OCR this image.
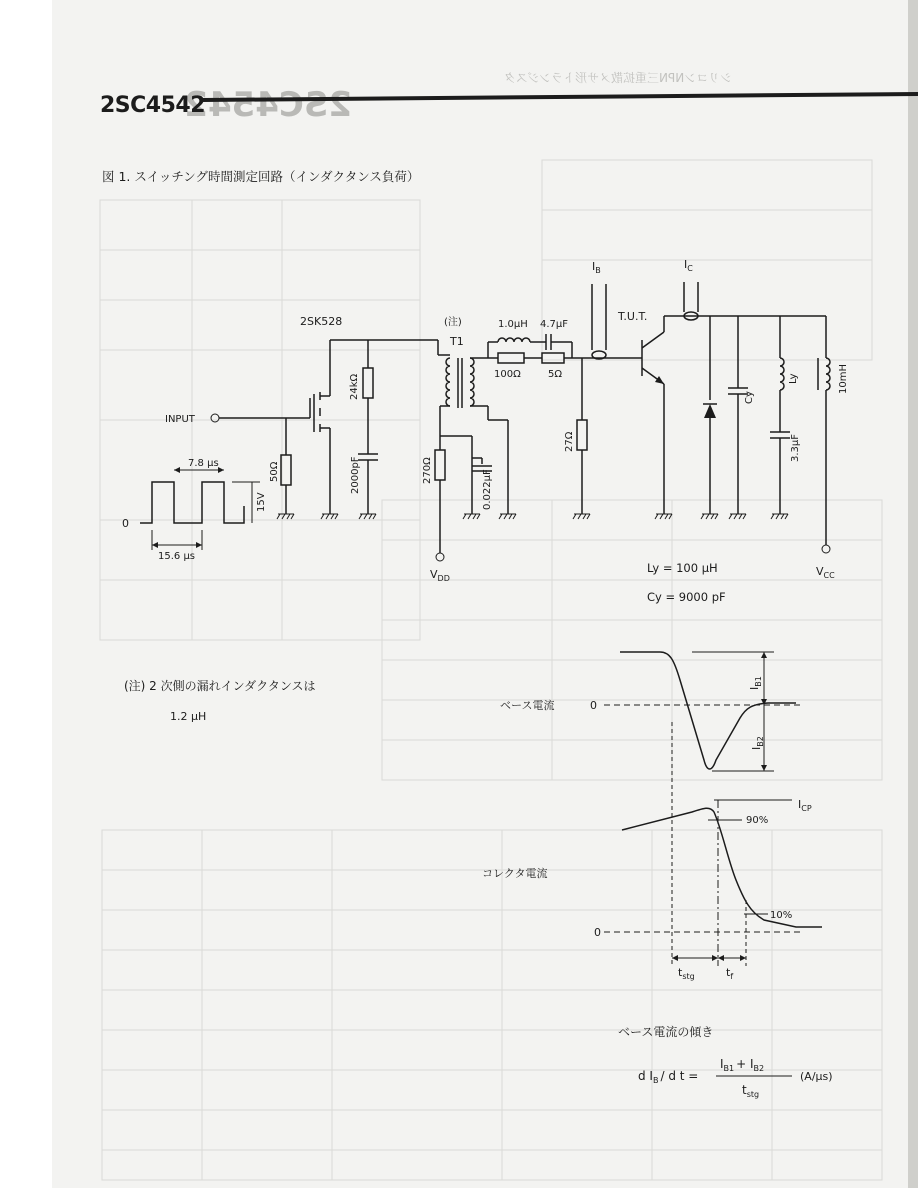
2SC4542
シリコンNPN三重拡散メサ形トランジスタ
2SC4542
図 1. スイッチング時間測定回路（インダクタンス負荷）
7.8 μs
15.6 μs
15V
0
INPUT
50Ω
2SK528
24kΩ
2000pF
(注)
T1
270Ω
$V_{DD}$
0.022μF
1.0μH 4.7μF
100Ω	5Ω
27Ω
$I_B$
T.U.T.
$I_C$
Cy
Ly
3.3μF
10mH
$V_{CC}$
Ly = 100 μH
Cy = 9000 pF
(注) 2 次側の漏れインダクタンスは
1.2 μH
ベース電流	0
$I_{B1}$
$I_{B2}$
コレクタ電流
0
$I_{CP}$
90%
10%
$t_{stg}$	$t_f$
ベース電流の傾き
d $I_B$ / d t =
$I_{B1} + I_{B2}$
$t_{stg}$
(A/μs)
